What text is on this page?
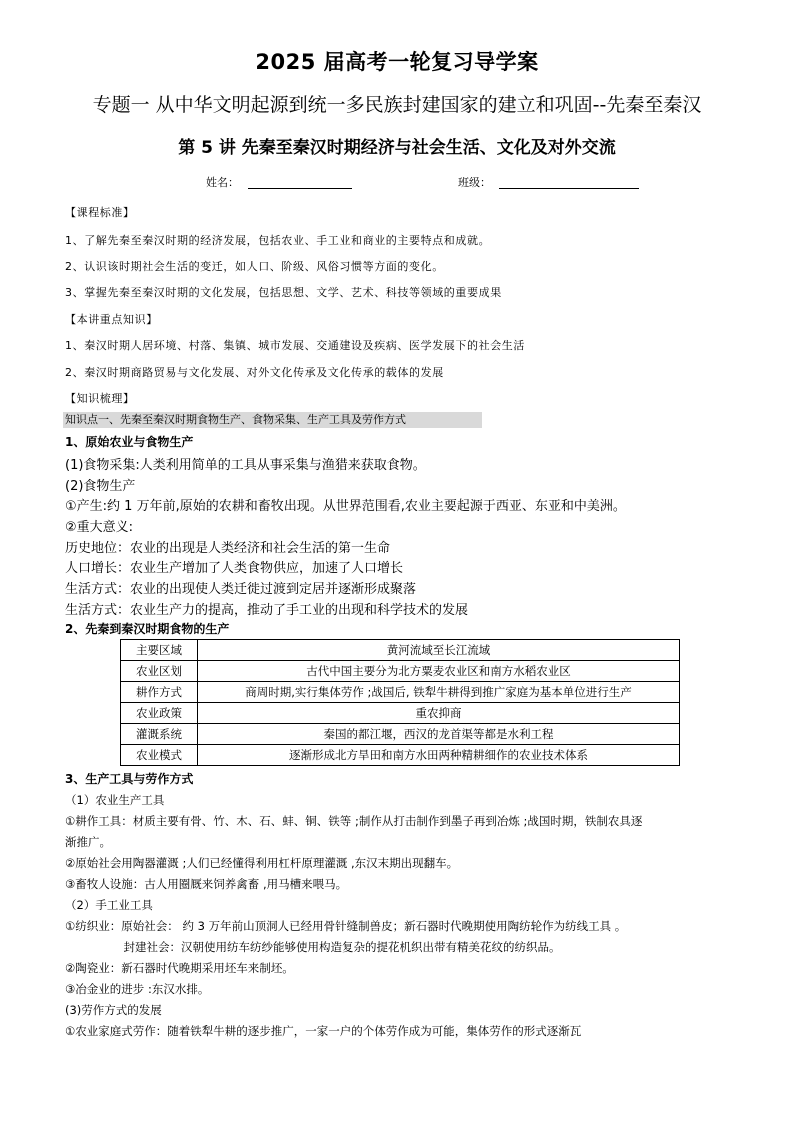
2025 届高考一轮复习导学案
专题一 从中华文明起源到统一多民族封建国家的建立和巩固--先秦至秦汉
第 5 讲 先秦至秦汉时期经济与社会生活、文化及对外交流
姓名：	班级：
【课程标准】
1、了解先秦至秦汉时期的经济发展，包括农业、手工业和商业的主要特点和成就。
2、认识该时期社会生活的变迁，如人口、阶级、风俗习惯等方面的变化。
3、掌握先秦至秦汉时期的文化发展，包括思想、文学、艺术、科技等领域的重要成果
【本讲重点知识】
1、秦汉时期人居环境、村落、集镇、城市发展、交通建设及疾病、医学发展下的社会生活
2、秦汉时期商路贸易与文化发展、对外文化传承及文化传承的载体的发展
【知识梳理】
知识点一、先秦至秦汉时期食物生产、食物采集、生产工具及劳作方式
1、原始农业与食物生产
(1)食物采集:人类利用简单的工具从事采集与渔猎来获取食物。
(2)食物生产
①产生:约 1 万年前,原始的农耕和畜牧出现。从世界范围看,农业主要起源于西亚、东亚和中美洲。
②重大意义:
历史地位：农业的出现是人类经济和社会生活的第一生命
人口增长：农业生产增加了人类食物供应，加速了人口增长
生活方式：农业的出现使人类迁徙过渡到定居并逐渐形成聚落
生活方式：农业生产力的提高，推动了手工业的出现和科学技术的发展
2、先秦到秦汉时期食物的生产
主要区域	黄河流域至长江流域
农业区划	古代中国主要分为北方粟麦农业区和南方水稻农业区
耕作方式	商周时期,实行集体劳作 ;战国后, 铁犁牛耕得到推广家庭为基本单位进行生产
农业政策	重农抑商
灌溉系统	秦国的都江堰，西汉的龙首渠等都是水利工程
农业模式	逐渐形成北方旱田和南方水田两种精耕细作的农业技术体系
3、生产工具与劳作方式
（1）农业生产工具
①耕作工具：材质主要有骨、竹、木、石、蚌、铜、铁等 ;制作从打击制作到墨子再到冶炼 ;战国时期，铁制农具逐
渐推广。
②原始社会用陶器灌溉 ;人们已经懂得利用杠杆原理灌溉 ,东汉末期出现翻车。
③畜牧人设施：古人用圈厩来饲养禽畜 ,用马槽来喂马。
（2）手工业工具
①纺织业：原始社会： 约 3 万年前山顶洞人已经用骨针缝制兽皮；新石器时代晚期使用陶纺轮作为纺线工具 。
封建社会：汉朝使用纺车纺纱能够使用构造复杂的提花机织出带有精美花纹的纺织品。
②陶瓷业：新石器时代晚期采用坯车来制坯。
③冶金业的进步 :东汉水排。
(3)劳作方式的发展
①农业家庭式劳作：随着铁犁牛耕的逐步推广，一家一户的个体劳作成为可能，集体劳作的形式逐渐瓦
